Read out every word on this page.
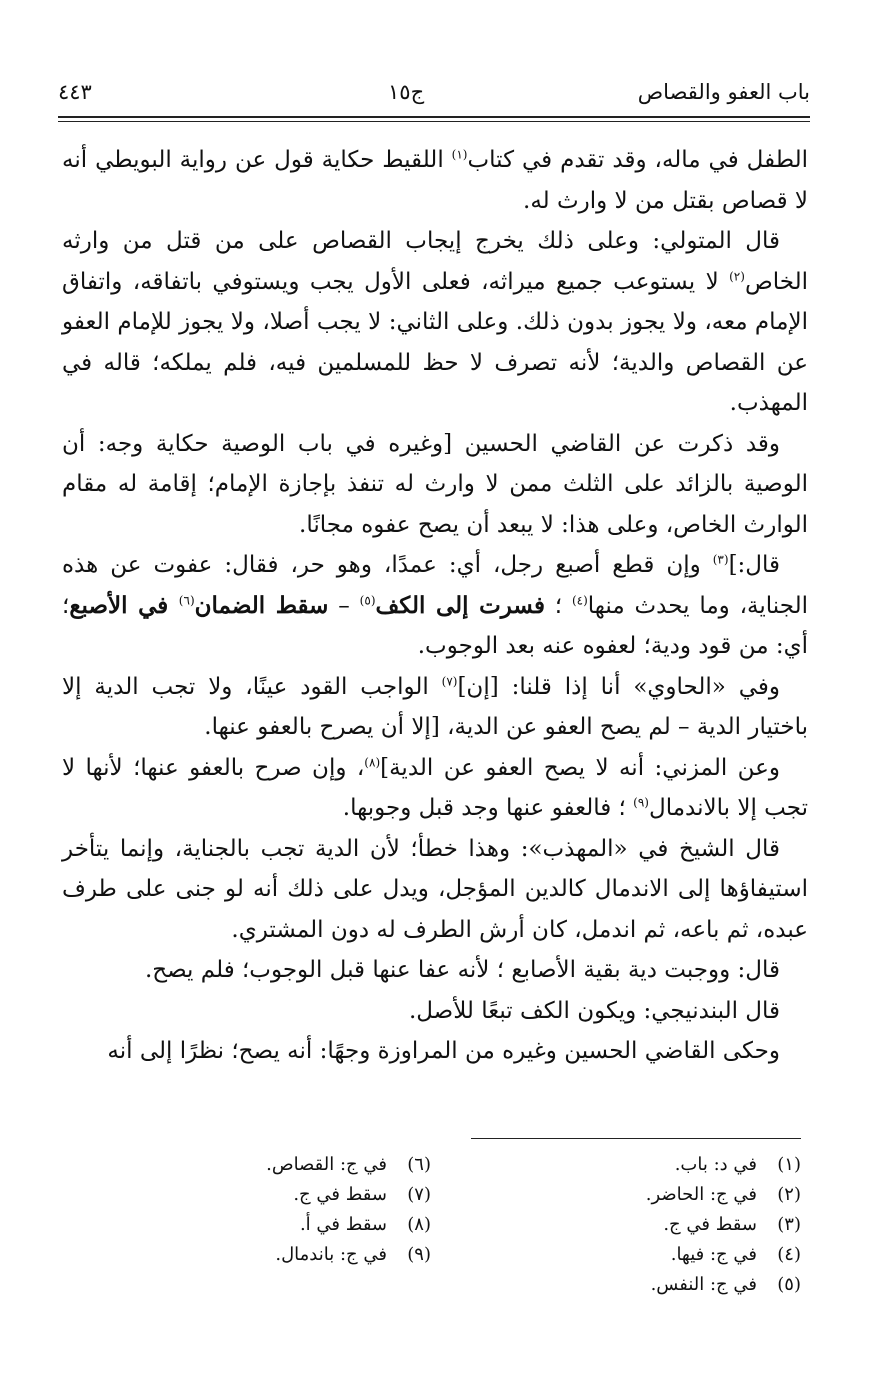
باب العفو والقصاص
ج١٥
٤٤٣

الطفل في ماله، وقد تقدم في كتاب$^{(١)}$ اللقيط حكاية قول عن رواية البويطي أنه لا قصاص بقتل من لا وارث له.

قال المتولي: وعلى ذلك يخرج إيجاب القصاص على من قتل من وارثه الخاص$^{(٢)}$ لا يستوعب جميع ميراثه، فعلى الأول يجب ويستوفي باتفاقه، واتفاق الإمام معه، ولا يجوز بدون ذلك. وعلى الثاني: لا يجب أصلا، ولا يجوز للإمام العفو عن القصاص والدية؛ لأنه تصرف لا حظ للمسلمين فيه، فلم يملكه؛ قاله في المهذب.

وقد ذكرت عن القاضي الحسين [وغيره في باب الوصية حكاية وجه: أن الوصية بالزائد على الثلث ممن لا وارث له تنفذ بإجازة الإمام؛ إقامة له مقام الوارث الخاص، وعلى هذا: لا يبعد أن يصح عفوه مجانًا.

قال:]$^{(٣)}$ وإن قطع أصبع رجل، أي: عمدًا، وهو حر، فقال: عفوت عن هذه الجناية، وما يحدث منها$^{(٤)}$ ؛ فسرت إلى الكف$^{(٥)}$ – سقط الضمان$^{(٦)}$ في الأصبع؛ أي: من قود ودية؛ لعفوه عنه بعد الوجوب.

وفي «الحاوي» أنا إذا قلنا: [إن]$^{(٧)}$ الواجب القود عينًا، ولا تجب الدية إلا باختيار الدية – لم يصح العفو عن الدية، [إلا أن يصرح بالعفو عنها.

وعن المزني: أنه لا يصح العفو عن الدية]$^{(٨)}$، وإن صرح بالعفو عنها؛ لأنها لا تجب إلا بالاندمال$^{(٩)}$ ؛ فالعفو عنها وجد قبل وجوبها.

قال الشيخ في «المهذب»: وهذا خطأ؛ لأن الدية تجب بالجناية، وإنما يتأخر استيفاؤها إلى الاندمال كالدين المؤجل، ويدل على ذلك أنه لو جنى على طرف عبده، ثم باعه، ثم اندمل، كان أرش الطرف له دون المشتري.

قال: ووجبت دية بقية الأصابع ؛ لأنه عفا عنها قبل الوجوب؛ فلم يصح.

قال البندنيجي: ويكون الكف تبعًا للأصل.

وحكى القاضي الحسين وغيره من المراوزة وجهًا: أنه يصح؛ نظرًا إلى أنه

(١)في د: باب.
(٢)في ج: الحاضر.
(٣)سقط في ج.
(٤)في ج: فيها.
(٥)في ج: النفس.
(٦)في ج: القصاص.
(٧)سقط في ج.
(٨)سقط في أ.
(٩)في ج: باندمال.
